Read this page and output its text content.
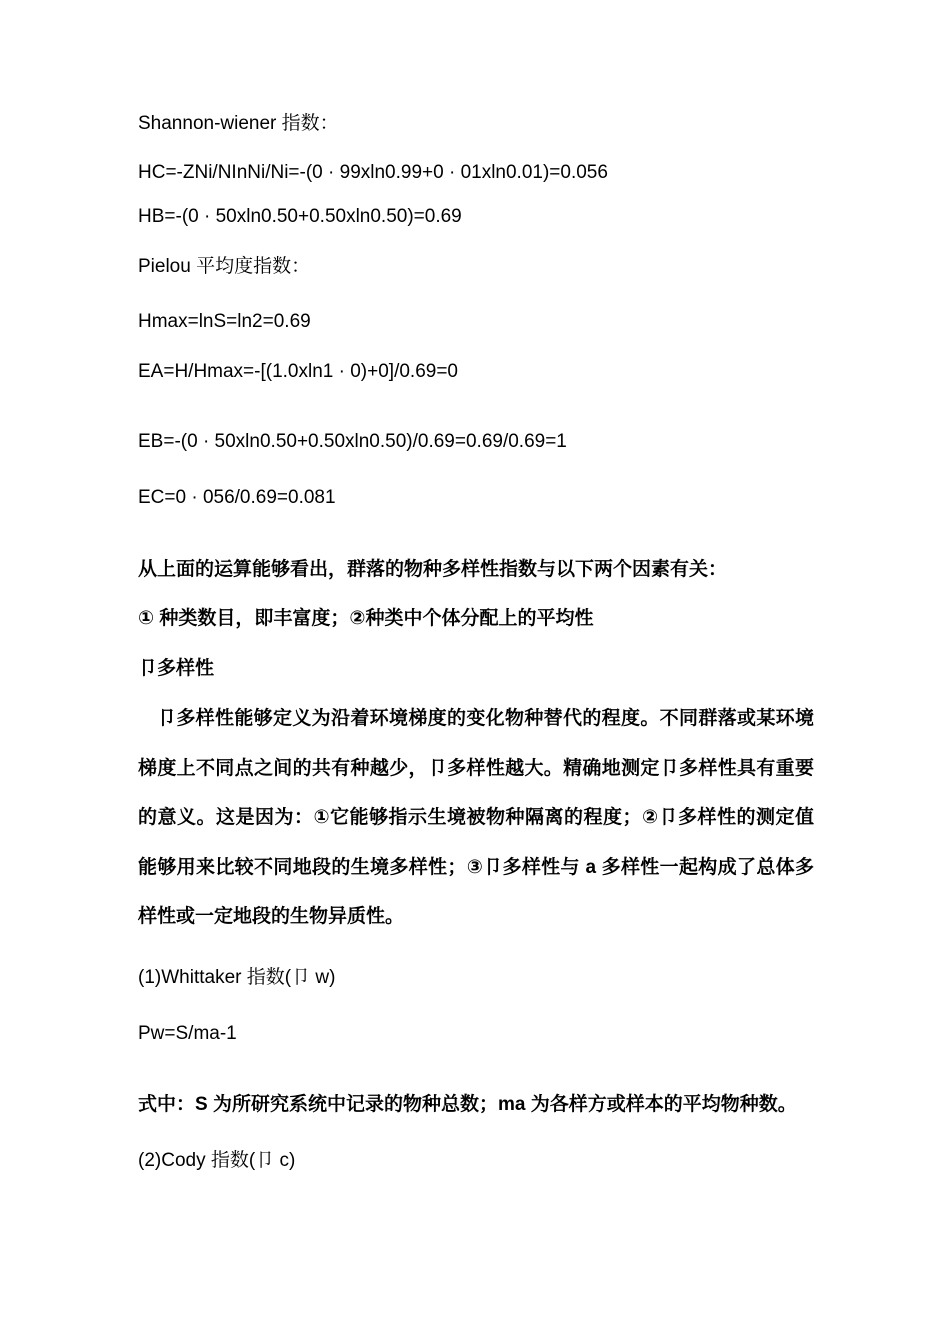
Shannon-wiener 指数：
HC=-ZNi/NInNi/Ni=-(0 · 99xln0.99+0 · 01xln0.01)=0.056
HB=-(0 · 50xln0.50+0.50xln0.50)=0.69
Pielou 平均度指数：
Hmax=lnS=ln2=0.69
EA=H/Hmax=-[(1.0xln1 · 0)+0]/0.69=0
EB=-(0 · 50xln0.50+0.50xln0.50)/0.69=0.69/0.69=1
EC=0 · 056/0.69=0.081
从上面的运算能够看出，群落的物种多样性指数与以下两个因素有关：
① 种类数目，即丰富度；②种类中个体分配上的平均性
卩多样性
卩多样性能够定义为沿着环境梯度的变化物种替代的程度。不同群落或某环境梯度上不同点之间的共有种越少，卩多样性越大。精确地测定卩多样性具有重要的意义。这是因为：①它能够指示生境被物种隔离的程度；②卩多样性的测定值能够用来比较不同地段的生境多样性；③卩多样性与 a 多样性一起构成了总体多样性或一定地段的生物异质性。
(1)Whittaker 指数(卩 w)
Pw=S/ma-1
式中：S 为所研究系统中记录的物种总数；ma 为各样方或样本的平均物种数。
(2)Cody 指数(卩 c)
